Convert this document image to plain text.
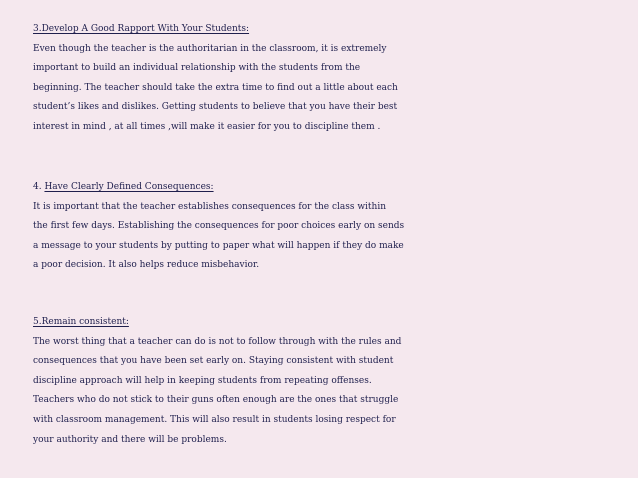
3.Develop A Good Rapport With Your Students:

Even though the teacher is the authoritarian in the classroom, it is extremely

important to build an individual relationship with the students from the

beginning. The teacher should take the extra time to find out a little about each

student’s likes and dislikes. Getting students to believe that you have their best

interest in mind , at all times ,will make it easier for you to discipline them .

4. Have Clearly Defined Consequences:

It is important that the teacher establishes consequences for the class within

the first few days. Establishing the consequences for poor choices early on sends

a message to your students by putting to paper what will happen if they do make

a poor decision. It also helps reduce misbehavior.

5.Remain consistent:

The worst thing that a teacher can do is not to follow through with the rules and

consequences that you have been set early on. Staying consistent with student

discipline approach will help in keeping students from repeating offenses.

Teachers who do not stick to their guns often enough are the ones that struggle

with classroom management. This will also result in students losing respect for

your authority and there will be problems.
